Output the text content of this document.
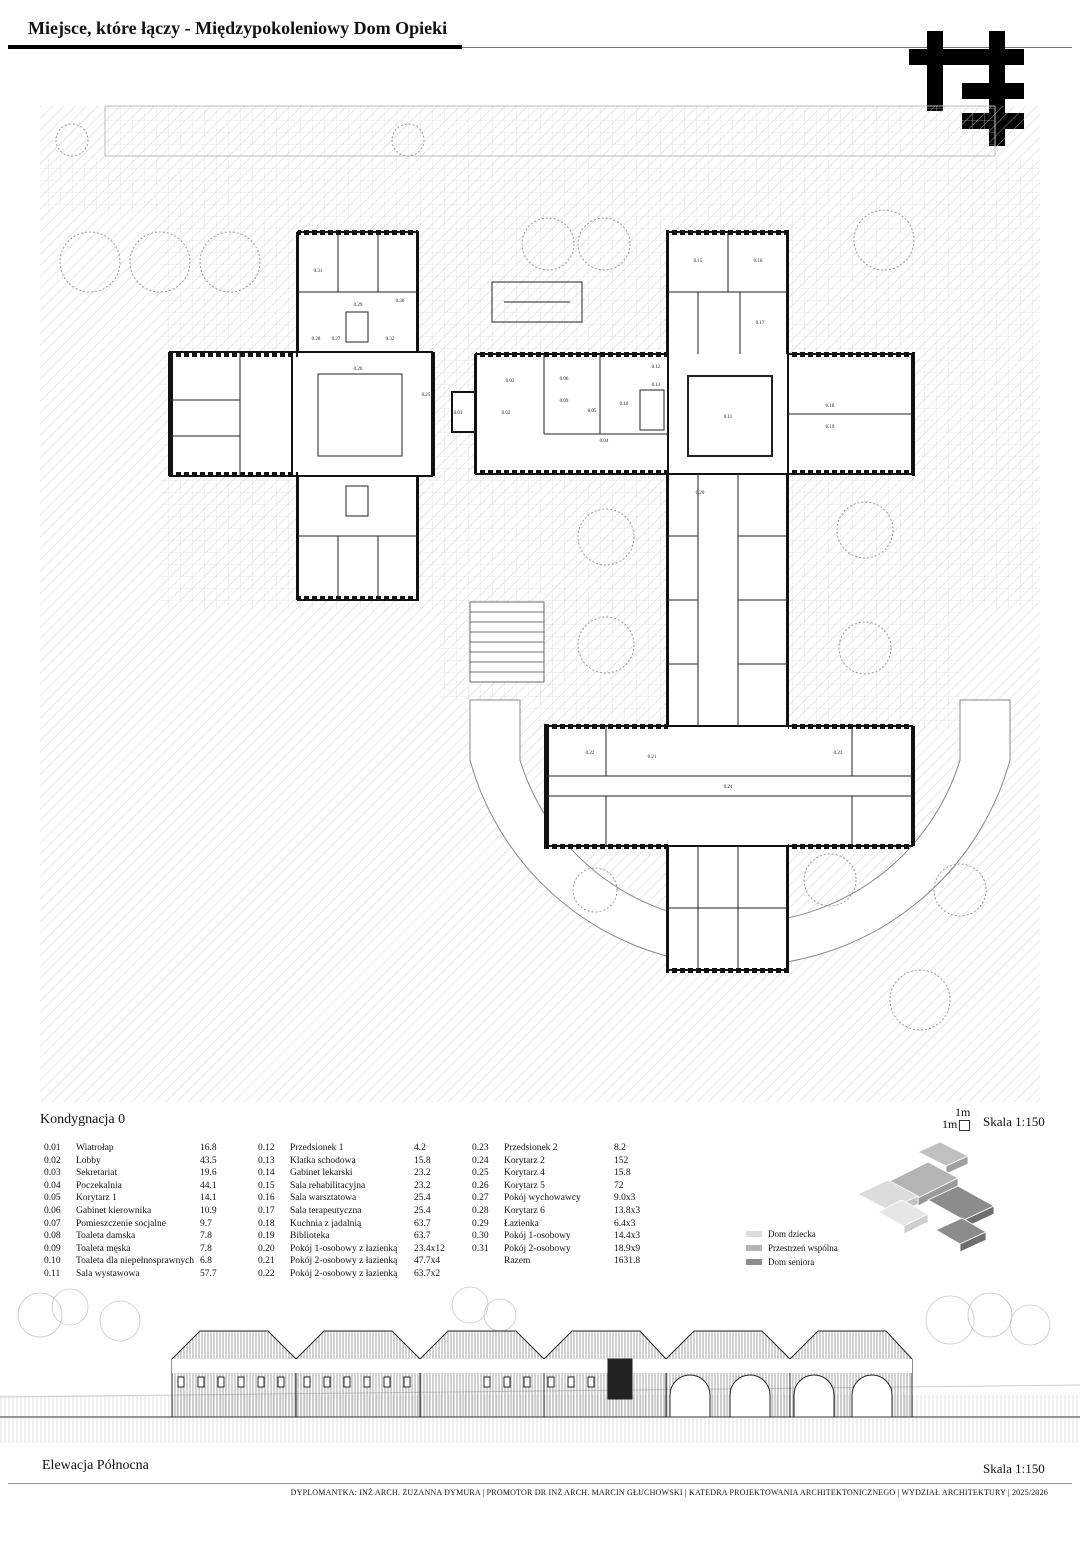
Miejsce, które łączy - Międzypokoleniowy Dom Opieki
0.01	0.02
0.03
0.04
0.05
0.06
0.10
0.09
0.11
0.12
0.13
0.15	0.16
0.17
0.18
0.19
0.20
0.21
0.22	0.23
0.24
0.25
0.26
0.27
0.28
0.29
0.30
0.31
0.32
Kondygnacja 0	1m
1m	Skala 1:150
0.01	Wiatrołap	16.8
0.02	Lobby	43.5
0.03	Sekretariat	19.6
0.04	Poczekalnia	44.1
0.05	Korytarz 1	14.1
0.06	Gabinet kierownika	10.9
0.07	Pomieszczenie socjalne	9.7
0.08	Toaleta damska	7.8
0.09	Toaleta męska	7.8
0.10	Toaleta dla niepełnosprawnych	6.8
0.11	Sala wystawowa	57.7
0.12	Przedsionek 1	4.2
0.13	Klatka schodowa	15.8
0.14	Gabinet lekarski	23.2
0.15	Sala rehabilitacyjna	23.2
0.16	Sala warsztatowa	25.4
0.17	Sala terapeutyczna	25.4
0.18	Kuchnia z jadalnią	63.7
0.19	Biblioteka	63.7
0.20	Pokój 1-osobowy z łazienką	23.4x12
0.21	Pokój 2-osobowy z łazienką	47.7x4
0.22	Pokój 2-osobowy z łazienką	63.7x2
0.23	Przedsionek 2	8.2
0.24	Korytarz 2	152
0.25	Korytarz 4	15.8
0.26	Korytarz 5	72
0.27	Pokój wychowawcy	9.0x3
0.28	Korytarz 6	13.8x3
0.29	Łazienka	6.4x3
0.30	Pokój 1-osobowy	14.4x3
0.31	Pokój 2-osobowy	18.9x9
	Razem	1631.8
Dom dziecka
Przestrzeń wspólna
Dom seniora
Elewacja Północna	Skala 1:150
DYPLOMANTKA: INŻ ARCH. ZUZANNA DYMURA | PROMOTOR DR INŻ ARCH. MARCIN GŁUCHOWSKI | KATEDRA PROJEKTOWANIA ARCHITEKTONICZNEGO | WYDZIAŁ ARCHITEKTURY | 2025/2026
